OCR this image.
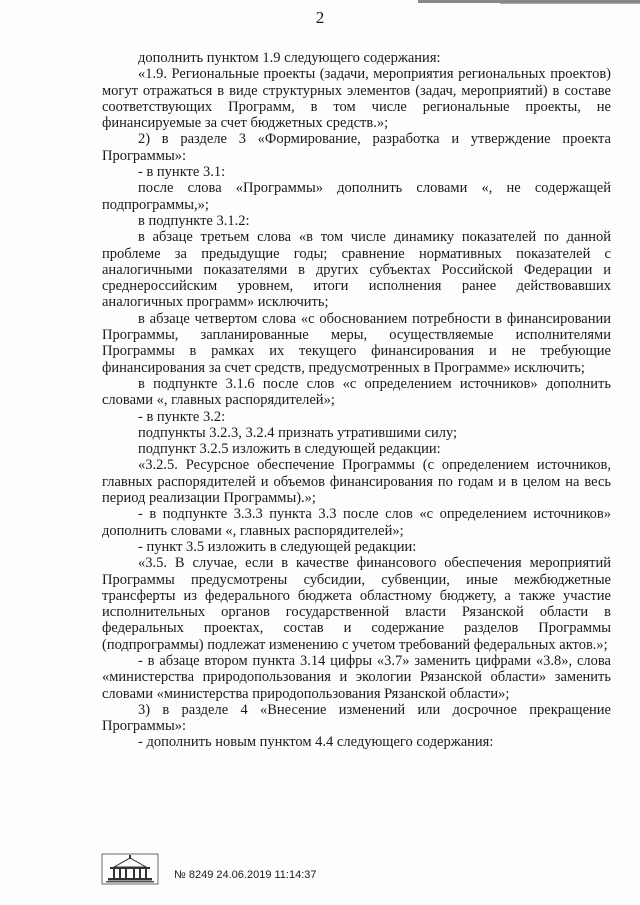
2

дополнить пунктом 1.9 следующего содержания:

«1.9. Региональные проекты (задачи, мероприятия региональных проектов) могут отражаться в виде структурных элементов (задач, мероприятий) в составе соответствующих Программ, в том числе региональные проекты, не финансируемые за счет бюджетных средств.»;

2) в разделе 3 «Формирование, разработка и утверждение проекта Программы»:

- в пункте 3.1:

после слова «Программы» дополнить словами «, не содержащей подпрограммы,»;

в подпункте 3.1.2:

в абзаце третьем слова «в том числе динамику показателей по данной проблеме за предыдущие годы; сравнение нормативных показателей с аналогичными показателями в других субъектах Российской Федерации и среднероссийским уровнем, итоги исполнения ранее действовавших аналогичных программ» исключить;

в абзаце четвертом слова «с обоснованием потребности в финансировании Программы, запланированные меры, осуществляемые исполнителями Программы в рамках их текущего финансирования и не требующие финансирования за счет средств, предусмотренных в Программе» исключить;

в подпункте 3.1.6 после слов «с определением источников» дополнить словами «, главных распорядителей»;

- в пункте 3.2:

подпункты 3.2.3, 3.2.4 признать утратившими силу;

подпункт 3.2.5 изложить в следующей редакции:

«3.2.5. Ресурсное обеспечение Программы (с определением источников, главных распорядителей и объемов финансирования по годам и в целом на весь период реализации Программы).»;

- в подпункте 3.3.3 пункта 3.3 после слов «с определением источников» дополнить словами «, главных распорядителей»;

- пункт 3.5 изложить в следующей редакции:

«3.5. В случае, если в качестве финансового обеспечения мероприятий Программы предусмотрены субсидии, субвенции, иные межбюджетные трансферты из федерального бюджета областному бюджету, а также участие исполнительных органов государственной власти Рязанской области в федеральных проектах, состав и содержание разделов Программы (подпрограммы) подлежат изменению с учетом требований федеральных актов.»;

- в абзаце втором пункта 3.14 цифры «3.7» заменить цифрами «3.8», слова «министерства природопользования и экологии Рязанской области» заменить словами «министерства природопользования Рязанской области»;

3) в разделе 4 «Внесение изменений или досрочное прекращение Программы»:

- дополнить новым пунктом 4.4 следующего содержания:

№ 8249 24.06.2019 11:14:37
